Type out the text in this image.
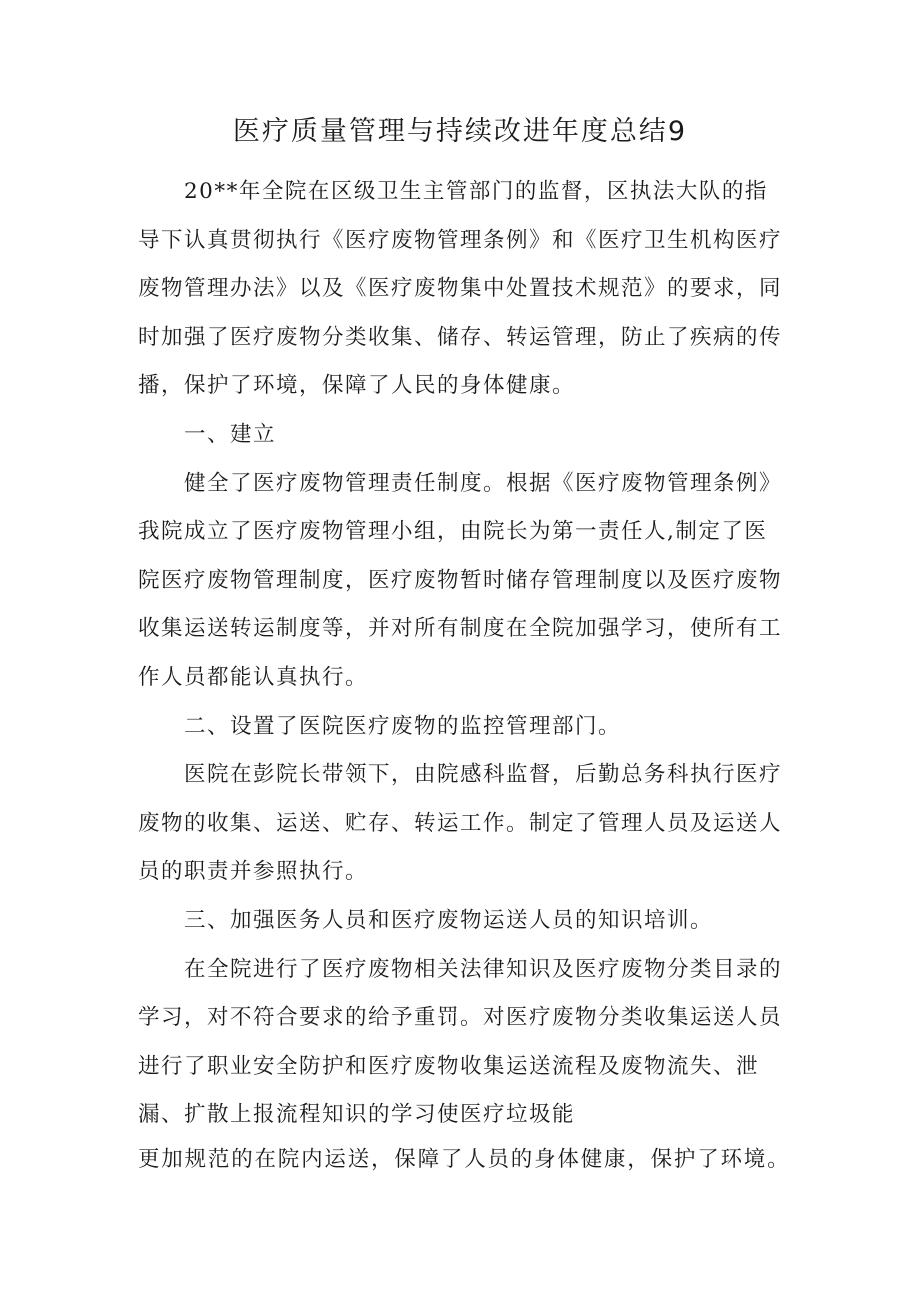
医疗质量管理与持续改进年度总结9

20**年全院在区级卫生主管部门的监督，区执法大队的指导下认真贯彻执行《医疗废物管理条例》和《医疗卫生机构医疗废物管理办法》以及《医疗废物集中处置技术规范》的要求，同时加强了医疗废物分类收集、储存、转运管理，防止了疾病的传播，保护了环境，保障了人民的身体健康。

一、建立

健全了医疗废物管理责任制度。根据《医疗废物管理条例》我院成立了医疗废物管理小组，由院长为第一责任人,制定了医院医疗废物管理制度，医疗废物暂时储存管理制度以及医疗废物收集运送转运制度等，并对所有制度在全院加强学习，使所有工作人员都能认真执行。

二、设置了医院医疗废物的监控管理部门。

医院在彭院长带领下，由院感科监督，后勤总务科执行医疗废物的收集、运送、贮存、转运工作。制定了管理人员及运送人员的职责并参照执行。

三、加强医务人员和医疗废物运送人员的知识培训。

在全院进行了医疗废物相关法律知识及医疗废物分类目录的学习，对不符合要求的给予重罚。对医疗废物分类收集运送人员进行了职业安全防护和医疗废物收集运送流程及废物流失、泄漏、扩散上报流程知识的学习使医疗垃圾能

更加规范的在院内运送，保障了人员的身体健康，保护了环境。
